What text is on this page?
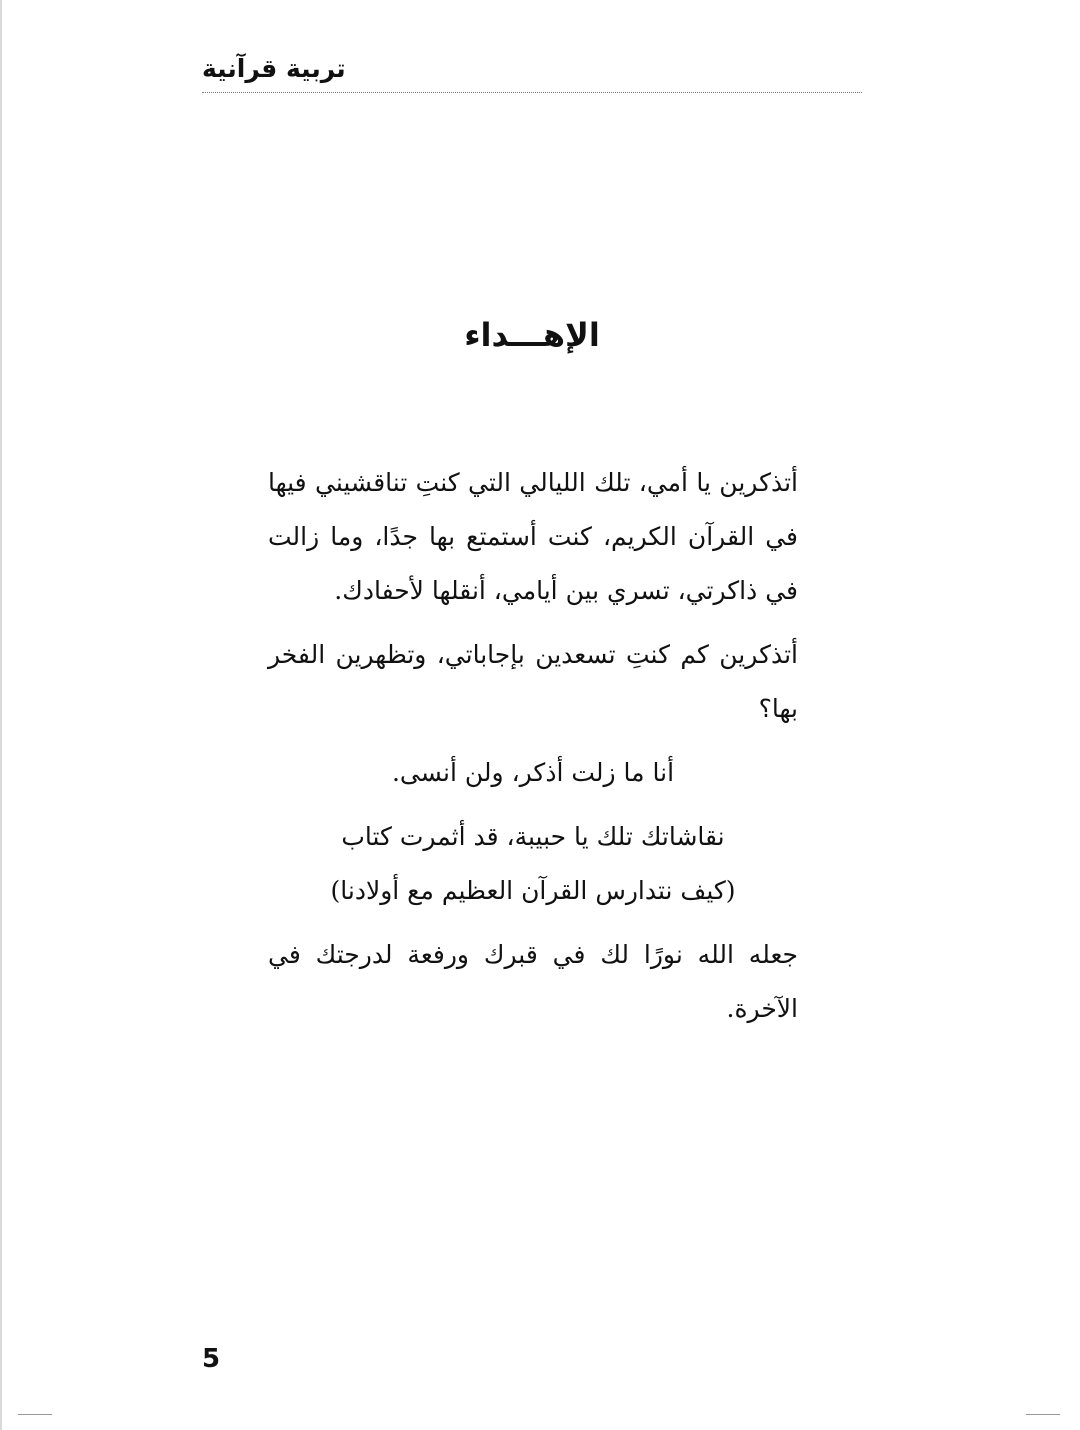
تربية قرآنية
الإهـــداء

أتذكرين يا أمي، تلك الليالي التي كنتِ تناقشيني فيها في القرآن الكريم، كنت أستمتع بها جدًا، وما زالت في ذاكرتي، تسري بين أيامي، أنقلها لأحفادك.

أتذكرين كم كنتِ تسعدين بإجاباتي، وتظهرين الفخر بها؟

أنا ما زلت أذكر، ولن أنسى.

نقاشاتك تلك يا حبيبة، قد أثمرت كتاب

(كيف نتدارس القرآن العظيم مع أولادنا)

جعله الله نورًا لك في قبرك ورفعة لدرجتك في الآخرة.

5
